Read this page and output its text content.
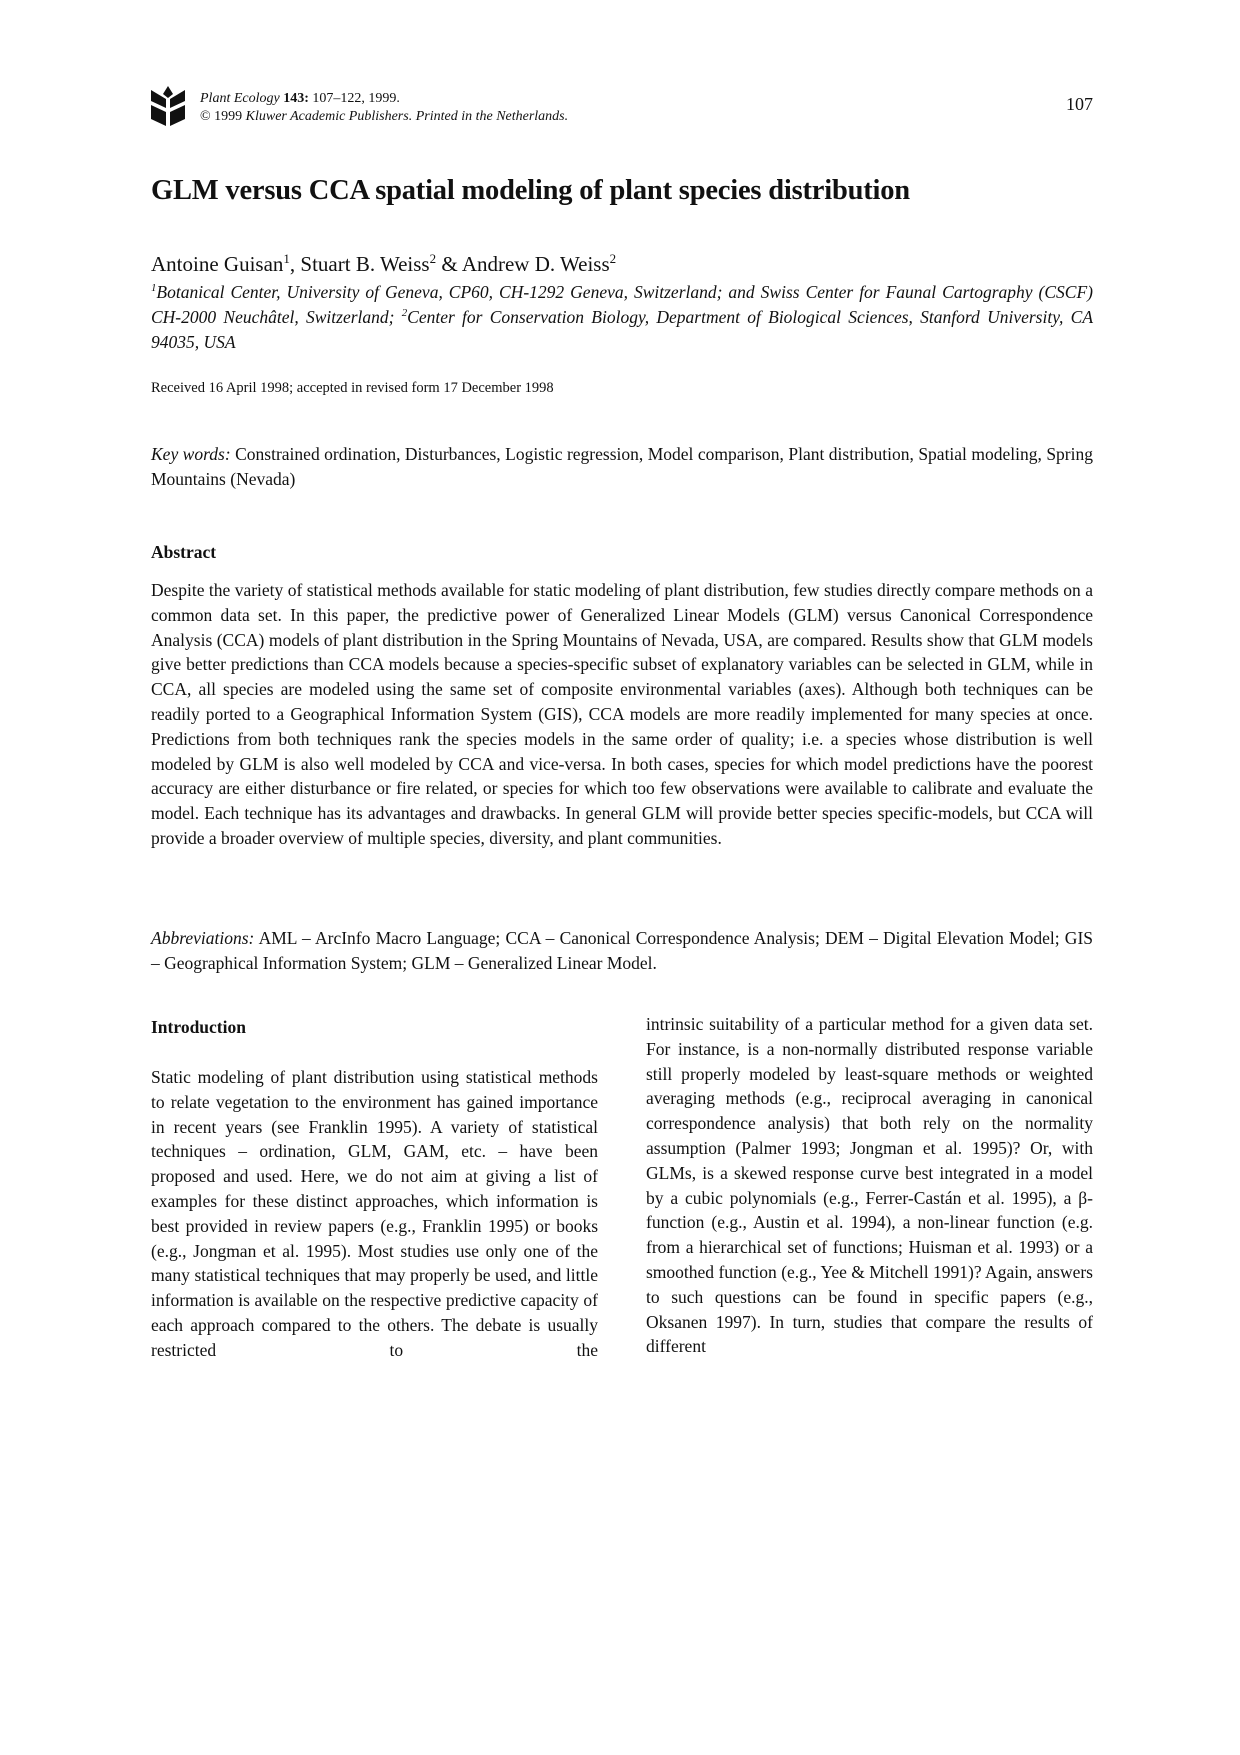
Plant Ecology 143: 107–122, 1999.
© 1999 Kluwer Academic Publishers. Printed in the Netherlands.
107
GLM versus CCA spatial modeling of plant species distribution
Antoine Guisan$^1$, Stuart B. Weiss$^2$ & Andrew D. Weiss$^2$
$^1$Botanical Center, University of Geneva, CP60, CH-1292 Geneva, Switzerland; and Swiss Center for Faunal Cartography (CSCF) CH-2000 Neuchâtel, Switzerland; $^2$Center for Conservation Biology, Department of Biological Sciences, Stanford University, CA 94035, USA
Received 16 April 1998; accepted in revised form 17 December 1998
Key words: Constrained ordination, Disturbances, Logistic regression, Model comparison, Plant distribution, Spatial modeling, Spring Mountains (Nevada)
Abstract
Despite the variety of statistical methods available for static modeling of plant distribution, few studies directly compare methods on a common data set. In this paper, the predictive power of Generalized Linear Models (GLM) versus Canonical Correspondence Analysis (CCA) models of plant distribution in the Spring Mountains of Nevada, USA, are compared. Results show that GLM models give better predictions than CCA models because a species-specific subset of explanatory variables can be selected in GLM, while in CCA, all species are modeled using the same set of composite environmental variables (axes). Although both techniques can be readily ported to a Geographical Information System (GIS), CCA models are more readily implemented for many species at once. Predictions from both techniques rank the species models in the same order of quality; i.e. a species whose distribution is well modeled by GLM is also well modeled by CCA and vice-versa. In both cases, species for which model predictions have the poorest accuracy are either disturbance or fire related, or species for which too few observations were available to calibrate and evaluate the model. Each technique has its advantages and drawbacks. In general GLM will provide better species specific-models, but CCA will provide a broader overview of multiple species, diversity, and plant communities.
Abbreviations: AML – ArcInfo Macro Language; CCA – Canonical Correspondence Analysis; DEM – Digital Elevation Model; GIS – Geographical Information System; GLM – Generalized Linear Model.
Introduction

Static modeling of plant distribution using statistical methods to relate vegetation to the environment has gained importance in recent years (see Franklin 1995). A variety of statistical techniques – ordination, GLM, GAM, etc. – have been proposed and used. Here, we do not aim at giving a list of examples for these distinct approaches, which information is best provided in review papers (e.g., Franklin 1995) or books (e.g., Jongman et al. 1995). Most studies use only one of the many statistical techniques that may properly be used, and little information is available on the respective predictive capacity of each approach compared to the others. The debate is usually restricted to the

intrinsic suitability of a particular method for a given data set. For instance, is a non-normally distributed response variable still properly modeled by least-square methods or weighted averaging methods (e.g., reciprocal averaging in canonical correspondence analysis) that both rely on the normality assumption (Palmer 1993; Jongman et al. 1995)? Or, with GLMs, is a skewed response curve best integrated in a model by a cubic polynomials (e.g., Ferrer-Castán et al. 1995), a β-function (e.g., Austin et al. 1994), a non-linear function (e.g. from a hierarchical set of functions; Huisman et al. 1993) or a smoothed function (e.g., Yee & Mitchell 1991)? Again, answers to such questions can be found in specific papers (e.g., Oksanen 1997). In turn, studies that compare the results of different
